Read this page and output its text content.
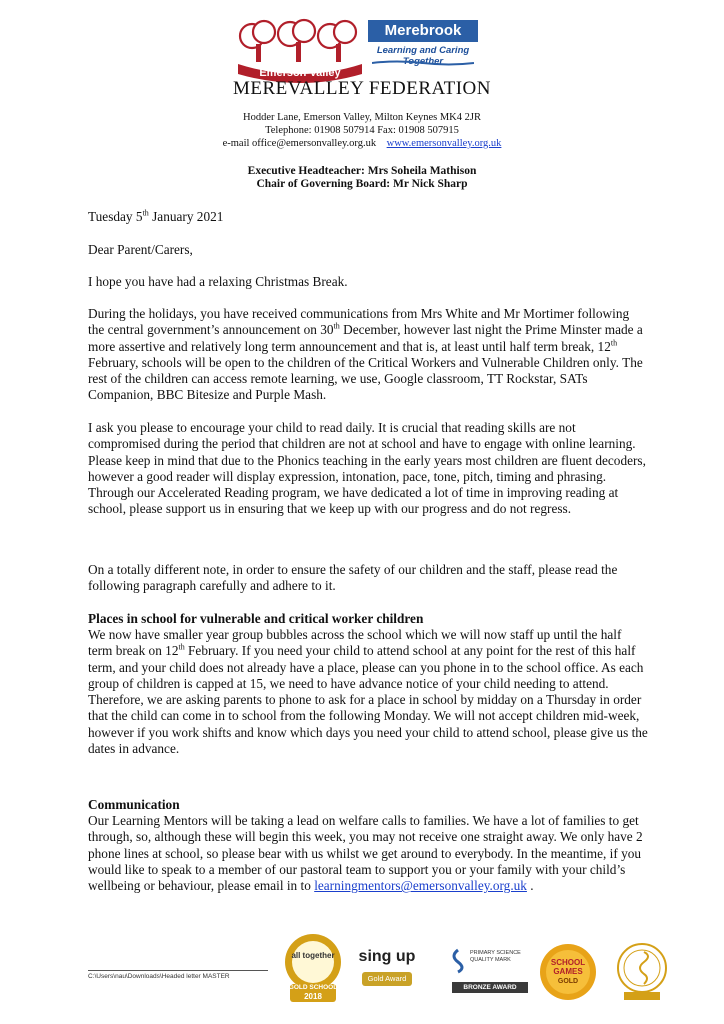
Emerson Valley
Merebrook
Learning and Caring Together
MEREVALLEY FEDERATION
Hodder Lane, Emerson Valley, Milton Keynes MK4 2JR
Telephone: 01908 507914 Fax: 01908 507915
e-mail office@emersonvalley.org.uk www.emersonvalley.org.uk
Executive Headteacher: Mrs Soheila Mathison
Chair of Governing Board: Mr Nick Sharp
Tuesday 5th January 2021
Dear Parent/Carers,
I hope you have had a relaxing Christmas Break.
During the holidays, you have received communications from Mrs White and Mr Mortimer following the central government’s announcement on 30th December, however last night the Prime Minster made a more assertive and relatively long term announcement and that is, at least until half term break, 12th February, schools will be open to the children of the Critical Workers and Vulnerable Children only. The rest of the children can access remote learning, we use, Google classroom, TT Rockstar, SATs Companion, BBC Bitesize and Purple Mash.
I ask you please to encourage your child to read daily. It is crucial that reading skills are not compromised during the period that children are not at school and have to engage with online learning. Please keep in mind that due to the Phonics teaching in the early years most children are fluent decoders, however a good reader will display expression, intonation, pace, tone, pitch, timing and phrasing. Through our Accelerated Reading program, we have dedicated a lot of time in improving reading at school, please support us in ensuring that we keep up with our progress and do not regress.
On a totally different note, in order to ensure the safety of our children and the staff, please read the following paragraph carefully and adhere to it.
Places in school for vulnerable and critical worker children
We now have smaller year group bubbles across the school which we will now staff up until the half term break on 12th February. If you need your child to attend school at any point for the rest of this half term, and your child does not already have a place, please can you phone in to the school office. As each group of children is capped at 15, we need to have advance notice of your child needing to attend. Therefore, we are asking parents to phone to ask for a place in school by midday on a Thursday in order that the child can come in to school from the following Monday. We will not accept children mid-week, however if you work shifts and know which days you need your child to attend school, please give us the dates in advance.
Communication
Our Learning Mentors will be taking a lead on welfare calls to families. We have a lot of families to get through, so, although these will begin this week, you may not receive one straight away. We only have 2 phone lines at school, so please bear with us whilst we get around to everybody. In the meantime, if you would like to speak to a member of our pastoral team to support you or your family with your child’s wellbeing or behaviour, please email in to learningmentors@emersonvalley.org.uk .
C:\Users\nau\Downloads\Headed letter MASTER
all together
GOLD SCHOOL
2018
sing up
Gold Award
PRIMARY SCIENCE QUALITY MARK
BRONZE AWARD
SCHOOL GAMES
GOLD
